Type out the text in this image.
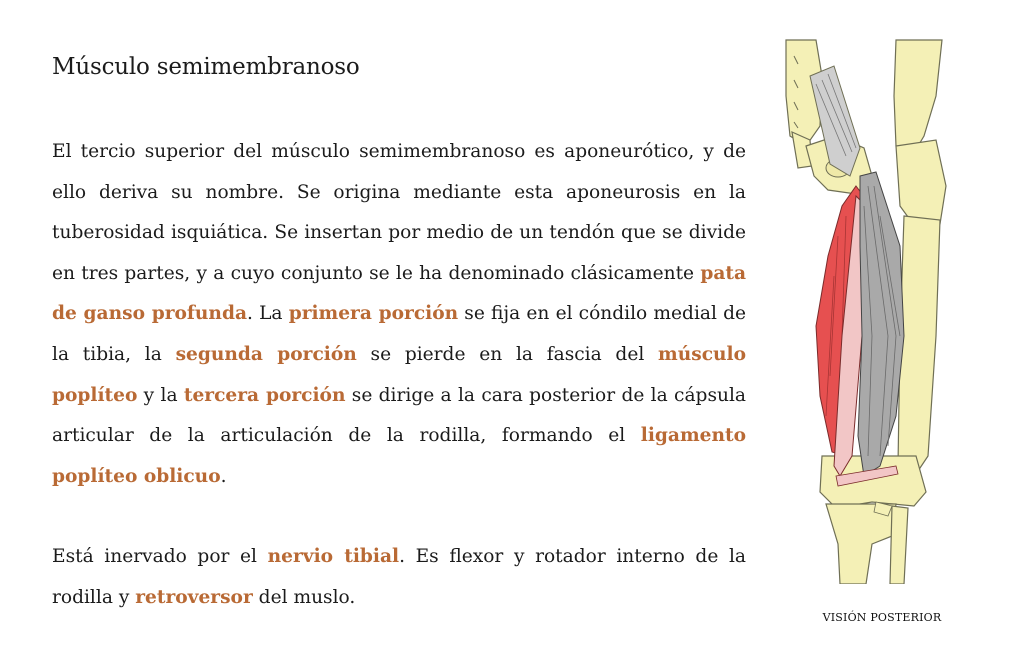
Músculo semimembranoso

El tercio superior del músculo semimembranoso es aponeurótico, y de ello deriva su nombre. Se origina mediante esta aponeurosis en la tuberosidad isquiática. Se insertan por medio de un tendón que se divide en tres partes, y a cuyo conjunto se le ha denominado clásicamente pata de ganso profunda. La primera porción se fija en el cóndilo medial de la tibia, la segunda porción se pierde en la fascia del músculo poplíteo y la tercera porción se dirige a la cara posterior de la cápsula articular de la articulación de la rodilla, formando el ligamento poplíteo oblicuo.

Está inervado por el nervio tibial. Es flexor y rotador interno de la rodilla y retroversor del muslo.

VISIÓN POSTERIOR
